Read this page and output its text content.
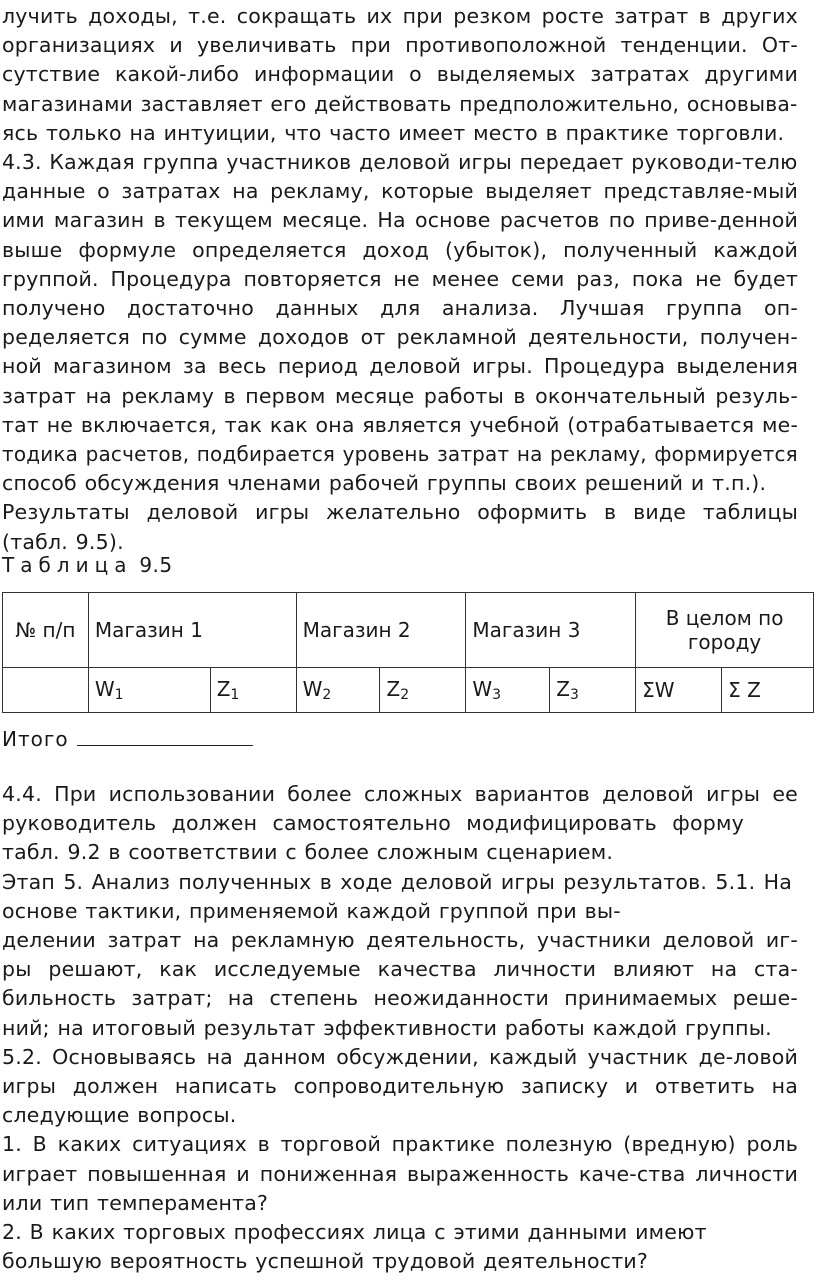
лучить доходы, т.е. сокращать их при резком росте затрат в других
организациях и увеличивать при противоположной тенденции. От-
сутствие какой-либо информации о выделяемых затратах другими
магазинами заставляет его действовать предположительно, основыва-
ясь только на интуиции, что часто имеет место в практике торговли.

4.3. Каждая группа участников деловой игры передает руководи-телю
данные о затратах на рекламу, которые выделяет представляе-мый
ими магазин в текущем месяце. На основе расчетов по приве-денной
выше формуле определяется доход (убыток), полученный каждой
группой. Процедура повторяется не менее семи раз, пока не будет
получено достаточно данных для анализа. Лучшая группа оп-
ределяется по сумме доходов от рекламной деятельности, получен-
ной магазином за весь период деловой игры. Процедура выделения
затрат на рекламу в первом месяце работы в окончательный резуль-
тат не включается, так как она является учебной (отрабатывается ме-
тодика расчетов, подбирается уровень затрат на рекламу, формируется
способ обсуждения членами рабочей группы своих решений и т.п.).
Результаты деловой игры желательно оформить в виде таблицы
(табл. 9.5).

Таблица 9.5
№ п/п	Магазин 1		Магазин 2		Магазин 3		В целом по городу	
	$W_1$	$Z_1$	$W_2$	$Z_2$	$W_3$	$Z_3$	ΣW	Σ Z
Итого

4.4. При использовании более сложных вариантов деловой игры ее
руководитель должен самостоятельно модифицировать форму
табл. 9.2 в соответствии с более сложным сценарием.
Этап 5. Анализ полученных в ходе деловой игры результатов. 5.1. На
основе тактики, применяемой каждой группой при вы-
делении затрат на рекламную деятельность, участники деловой иг-
ры решают, как исследуемые качества личности влияют на ста-
бильность затрат; на степень неожиданности принимаемых реше-
ний; на итоговый результат эффективности работы каждой группы.
5.2. Основываясь на данном обсуждении, каждый участник де-ловой
игры должен написать сопроводительную записку и ответить на
следующие вопросы.
1. В каких ситуациях в торговой практике полезную (вредную) роль
играет повышенная и пониженная выраженность каче-ства личности
или тип темперамента?
2. В каких торговых профессиях лица с этими данными имеют
большую вероятность успешной трудовой деятельности?
